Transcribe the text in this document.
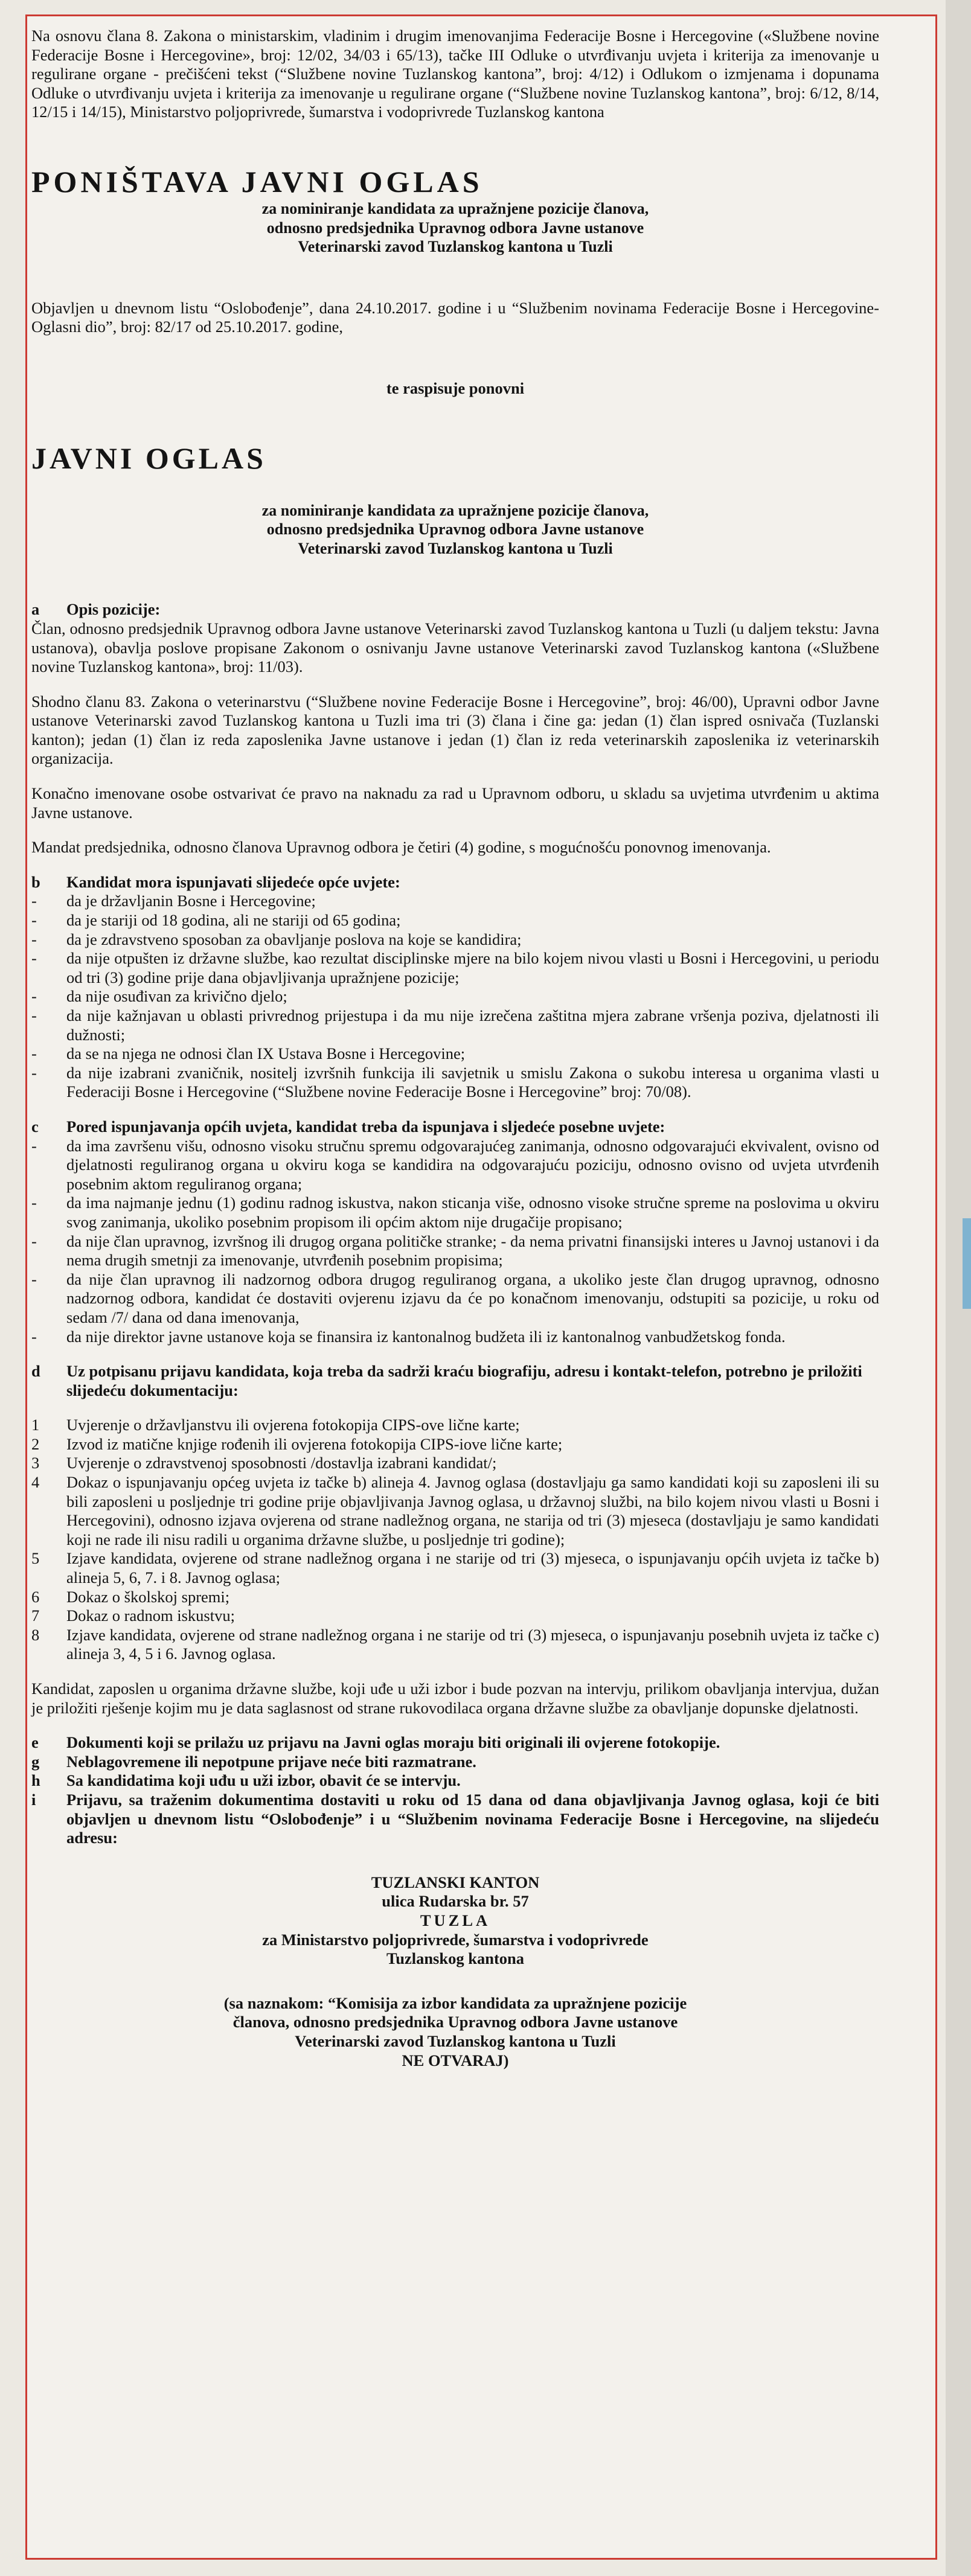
Na osnovu člana 8. Zakona o ministarskim, vladinim i drugim imenovanjima Federacije Bosne i Hercegovine («Službene novine Federacije Bosne i Hercegovine», broj: 12/02, 34/03 i 65/13), tačke III Odluke o utvrđivanju uvjeta i kriterija za imenovanje u regulirane organe - prečišćeni tekst (“Službene novine Tuzlanskog kantona”, broj: 4/12) i Odlukom o izmjenama i dopunama Odluke o utvrđivanju uvjeta i kriterija za imenovanje u regulirane organe (“Službene novine Tuzlanskog kantona”, broj: 6/12, 8/14, 12/15 i 14/15), Ministarstvo poljoprivrede, šumarstva i vodoprivrede Tuzlanskog kantona

PONIŠTAVA JAVNI OGLAS

za nominiranje kandidata za upražnjene pozicije članova,
odnosno predsjednika Upravnog odbora Javne ustanove
Veterinarski zavod Tuzlanskog kantona u Tuzli

Objavljen u dnevnom listu “Oslobođenje”, dana 24.10.2017. godine i u “Službenim novinama Federacije Bosne i Hercegovine-Oglasni dio”, broj: 82/17 od 25.10.2017. godine,

te raspisuje ponovni

JAVNI OGLAS

za nominiranje kandidata za upražnjene pozicije članova,
odnosno predsjednika Upravnog odbora Javne ustanove
Veterinarski zavod Tuzlanskog kantona u Tuzli
a	Opis pozicije:

Član, odnosno predsjednik Upravnog odbora Javne ustanove Veterinarski zavod Tuzlanskog kantona u Tuzli (u daljem tekstu: Javna ustanova), obavlja poslove propisane Zakonom o osnivanju Javne ustanove Veterinarski zavod Tuzlanskog kantona («Službene novine Tuzlanskog kantona», broj: 11/03).

Shodno članu 83. Zakona o veterinarstvu (“Službene novine Federacije Bosne i Hercegovine”, broj: 46/00), Upravni odbor Javne ustanove Veterinarski zavod Tuzlanskog kantona u Tuzli ima tri (3) člana i čine ga: jedan (1) član ispred osnivača (Tuzlanski kanton); jedan (1) član iz reda zaposlenika Javne ustanove i jedan (1) član iz reda veterinarskih zaposlenika iz veterinarskih organizacija.

Konačno imenovane osobe ostvarivat će pravo na naknadu za rad u Upravnom odboru, u skladu sa uvjetima utvrđenim u aktima Javne ustanove.

Mandat predsjednika, odnosno članova Upravnog odbora je četiri (4) godine, s mogućnošću ponovnog imenovanja.

b	Kandidat mora ispunjavati slijedeće opće uvjete:
-	da je državljanin Bosne i Hercegovine;
-	da je stariji od 18 godina, ali ne stariji od 65 godina;
-	da je zdravstveno sposoban za obavljanje poslova na koje se kandidira;
-	da nije otpušten iz državne službe, kao rezultat disciplinske mjere na bilo kojem nivou vlasti u Bosni i Hercegovini, u periodu od tri (3) godine prije dana objavljivanja upražnjene pozicije;
-	da nije osuđivan za krivično djelo;
-	da nije kažnjavan u oblasti privrednog prijestupa i da mu nije izrečena zaštitna mjera zabrane vršenja poziva, djelatnosti ili dužnosti;
-	da se na njega ne odnosi član IX Ustava Bosne i Hercegovine;
-	da nije izabrani zvaničnik, nositelj izvršnih funkcija ili savjetnik u smislu Zakona o sukobu interesa u organima vlasti u Federaciji Bosne i Hercegovine (“Službene novine Federacije Bosne i Hercegovine” broj: 70/08).
c	Pored ispunjavanja općih uvjeta, kandidat treba da ispunjava i sljedeće posebne uvjete:
-	da ima završenu višu, odnosno visoku stručnu spremu odgovarajućeg zanimanja, odnosno odgovarajući ekvivalent, ovisno od djelatnosti reguliranog organa u okviru koga se kandidira na odgovarajuću poziciju, odnosno ovisno od uvjeta utvrđenih posebnim aktom reguliranog organa;
-	da ima najmanje jednu (1) godinu radnog iskustva, nakon sticanja više, odnosno visoke stručne spreme na poslovima u okviru svog zanimanja, ukoliko posebnim propisom ili općim aktom nije drugačije propisano;
-	da nije član upravnog, izvršnog ili drugog organa političke stranke; - da nema privatni finansijski interes u Javnoj ustanovi i da nema drugih smetnji za imenovanje, utvrđenih posebnim propisima;
-	da nije član upravnog ili nadzornog odbora drugog reguliranog organa, a ukoliko jeste član drugog upravnog, odnosno nadzornog odbora, kandidat će dostaviti ovjerenu izjavu da će po konačnom imenovanju, odstupiti sa pozicije, u roku od sedam /7/ dana od dana imenovanja,
-	da nije direktor javne ustanove koja se finansira iz kantonalnog budžeta ili iz kantonalnog vanbudžetskog fonda.
d	Uz potpisanu prijavu kandidata, koja treba da sadrži kraću biografiju, adresu i kontakt-telefon, potrebno je priložiti slijedeću dokumentaciju:
1	Uvjerenje o državljanstvu ili ovjerena fotokopija CIPS-ove lične karte;
2	Izvod iz matične knjige rođenih ili ovjerena fotokopija CIPS-iove lične karte;
3	Uvjerenje o zdravstvenoj sposobnosti /dostavlja izabrani kandidat/;
4	Dokaz o ispunjavanju općeg uvjeta iz tačke b) alineja 4. Javnog oglasa (dostavljaju ga samo kandidati koji su zaposleni ili su bili zaposleni u posljednje tri godine prije objavljivanja Javnog oglasa, u državnoj službi, na bilo kojem nivou vlasti u Bosni i Hercegovini), odnosno izjava ovjerena od strane nadležnog organa, ne starija od tri (3) mjeseca (dostavljaju je samo kandidati koji ne rade ili nisu radili u organima državne službe, u posljednje tri godine);
5	Izjave kandidata, ovjerene od strane nadležnog organa i ne starije od tri (3) mjeseca, o ispunjavanju općih uvjeta iz tačke b) alineja 5, 6, 7. i 8. Javnog oglasa;
6	Dokaz o školskoj spremi;
7	Dokaz o radnom iskustvu;
8	Izjave kandidata, ovjerene od strane nadležnog organa i ne starije od tri (3) mjeseca, o ispunjavanju posebnih uvjeta iz tačke c) alineja 3, 4, 5 i 6. Javnog oglasa.

Kandidat, zaposlen u organima državne službe, koji uđe u uži izbor i bude pozvan na intervju, prilikom obavljanja intervjua, dužan je priložiti rješenje kojim mu je data saglasnost od strane rukovodilaca organa državne službe za obavljanje dopunske djelatnosti.

e	Dokumenti koji se prilažu uz prijavu na Javni oglas moraju biti originali ili ovjerene fotokopije.
g	Neblagovremene ili nepotpune prijave neće biti razmatrane.
h	Sa kandidatima koji uđu u uži izbor, obavit će se intervju.
i	Prijavu, sa traženim dokumentima dostaviti u roku od 15 dana od dana objavljivanja Javnog oglasa, koji će biti objavljen u dnevnom listu “Oslobođenje” i u “Službenim novinama Federacije Bosne i Hercegovine, na slijedeću adresu:
TUZLANSKI KANTON
ulica Rudarska br. 57
TUZLA
za Ministarstvo poljoprivrede, šumarstva i vodoprivrede
Tuzlanskog kantona
(sa naznakom: “Komisija za izbor kandidata za upražnjene pozicije
članova, odnosno predsjednika Upravnog odbora Javne ustanove
Veterinarski zavod Tuzlanskog kantona u Tuzli
NE OTVARAJ)
